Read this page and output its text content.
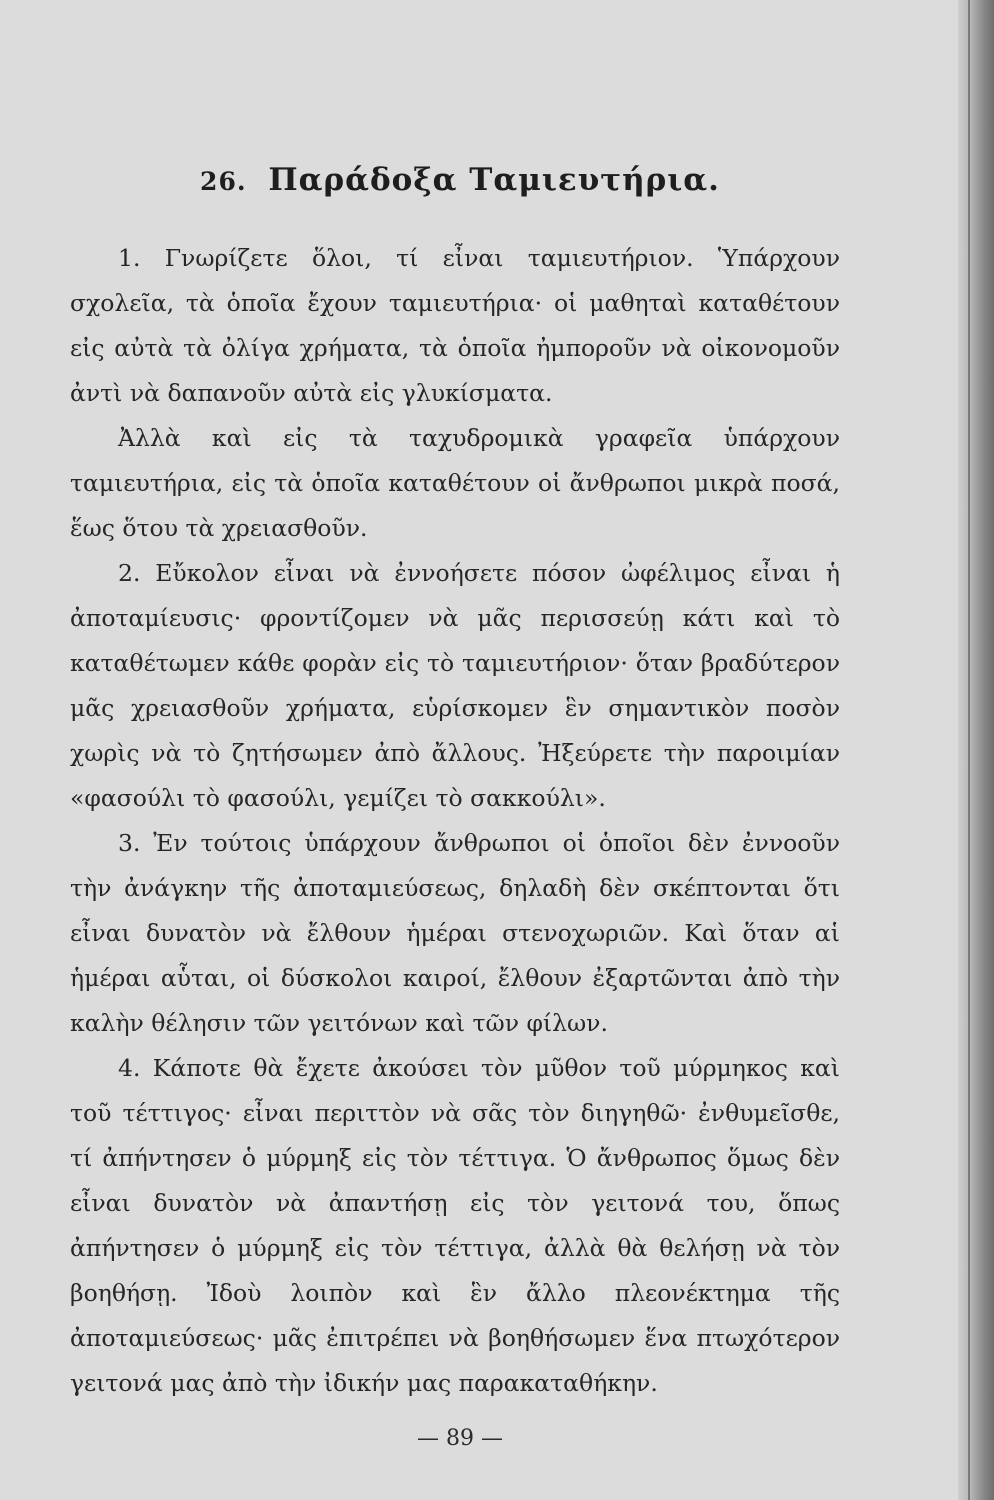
26. Παράδοξα Ταμιευτήρια.

1. Γνωρίζετε ὅλοι, τί εἶναι ταμιευτήριον. Ὑπάρχουν σχολεῖα, τὰ ὁποῖα ἔχουν ταμιευτήρια· οἱ μαθηταὶ καταθέτουν εἰς αὐτὰ τὰ ὀλίγα χρήματα, τὰ ὁποῖα ἠμποροῦν νὰ οἰκονομοῦν ἀντὶ νὰ δαπανοῦν αὐτὰ εἰς γλυκίσματα.

Ἀλλὰ καὶ εἰς τὰ ταχυδρομικὰ γραφεῖα ὑπάρχουν ταμιευτήρια, εἰς τὰ ὁποῖα καταθέτουν οἱ ἄνθρωποι μικρὰ ποσά, ἕως ὅτου τὰ χρειασθοῦν.

2. Εὔκολον εἶναι νὰ ἐννοήσετε πόσον ὠφέλιμος εἶναι ἡ ἀποταμίευσις· φροντίζομεν νὰ μᾶς περισσεύῃ κάτι καὶ τὸ καταθέτωμεν κάθε φορὰν εἰς τὸ ταμιευτήριον· ὅταν βραδύτερον μᾶς χρειασθοῦν χρήματα, εὑρίσκομεν ἓν σημαντικὸν ποσὸν χωρὶς νὰ τὸ ζητήσωμεν ἀπὸ ἄλλους. Ἠξεύρετε τὴν παροιμίαν «φασούλι τὸ φασούλι, γεμίζει τὸ σακκούλι».

3. Ἐν τούτοις ὑπάρχουν ἄνθρωποι οἱ ὁποῖοι δὲν ἐννοοῦν τὴν ἀνάγκην τῆς ἀποταμιεύσεως, δηλαδὴ δὲν σκέπτονται ὅτι εἶναι δυνατὸν νὰ ἔλθουν ἡμέραι στενοχωριῶν. Καὶ ὅταν αἱ ἡμέραι αὗται, οἱ δύσκολοι καιροί, ἔλθουν ἐξαρτῶνται ἀπὸ τὴν καλὴν θέλησιν τῶν γειτόνων καὶ τῶν φίλων.

4. Κάποτε θὰ ἔχετε ἀκούσει τὸν μῦθον τοῦ μύρμηκος καὶ τοῦ τέττιγος· εἶναι περιττὸν νὰ σᾶς τὸν διηγηθῶ· ἐνθυμεῖσθε, τί ἀπήντησεν ὁ μύρμηξ εἰς τὸν τέττιγα. Ὁ ἄνθρωπος ὅμως δὲν εἶναι δυνατὸν νὰ ἀπαντήσῃ εἰς τὸν γειτονά του, ὅπως ἀπήντησεν ὁ μύρμηξ εἰς τὸν τέττιγα, ἀλλὰ θὰ θελήσῃ νὰ τὸν βοηθήσῃ. Ἰδοὺ λοιπὸν καὶ ἓν ἄλλο πλεονέκτημα τῆς ἀποταμιεύσεως· μᾶς ἐπιτρέπει νὰ βοηθήσωμεν ἕνα πτωχότερον γειτονά μας ἀπὸ τὴν ἰδικήν μας παρακαταθήκην.

— 89 —
